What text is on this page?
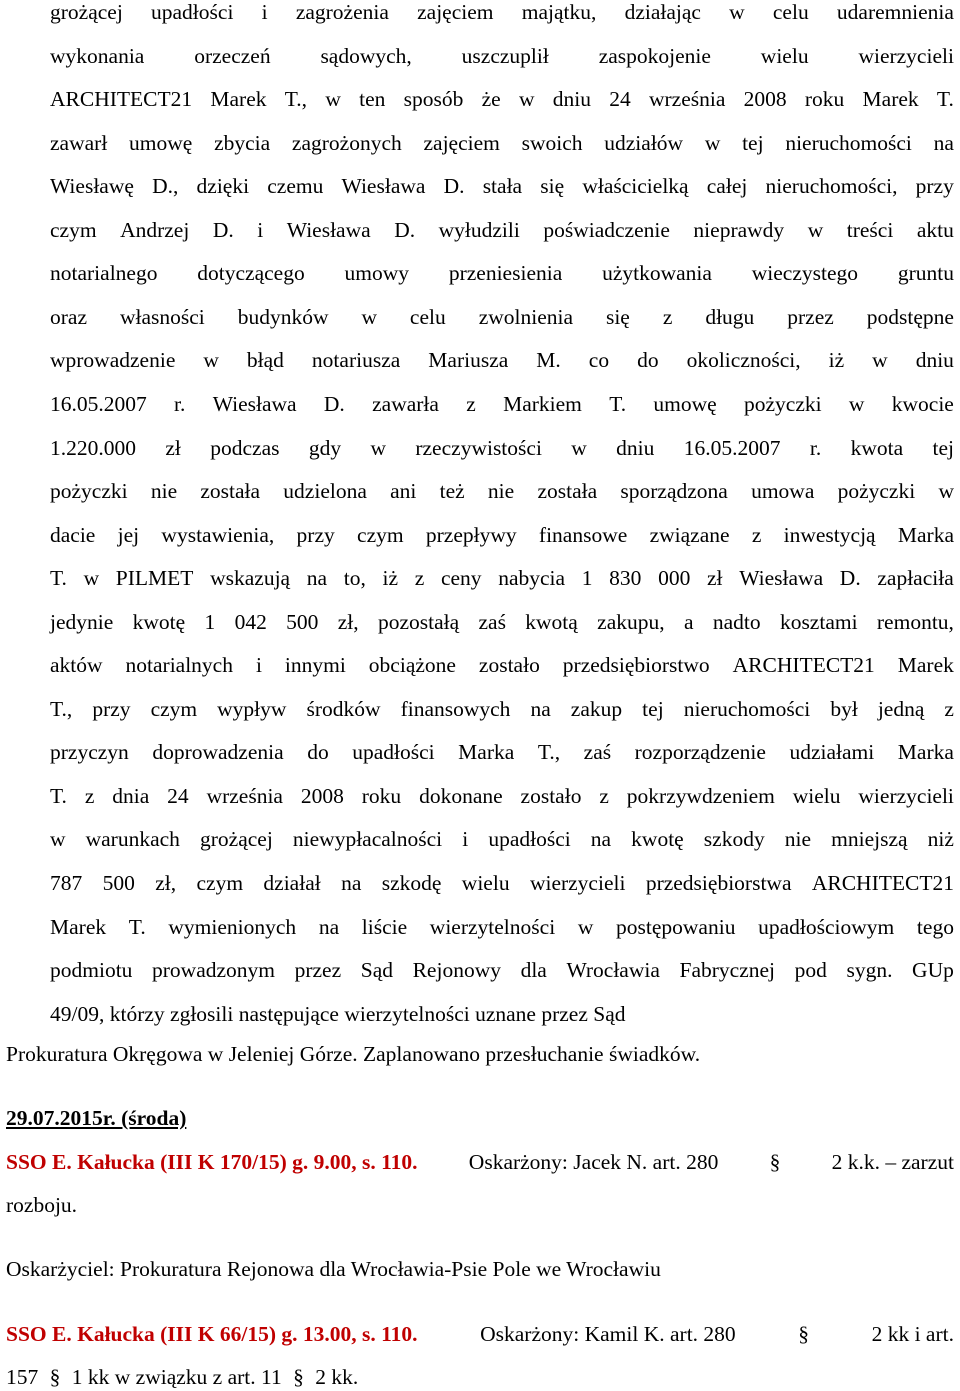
grożącej upadłości i zagrożenia zajęciem majątku, działając w celu udaremnienia
wykonania orzeczeń sądowych, uszczuplił zaspokojenie wielu wierzycieli
ARCHITECT21 Marek T., w ten sposób że w dniu 24 września 2008 roku Marek T.
zawarł umowę zbycia zagrożonych zajęciem swoich udziałów w tej nieruchomości na
Wiesławę D., dzięki czemu Wiesława D. stała się właścicielką całej nieruchomości, przy
czym Andrzej D. i Wiesława D. wyłudzili poświadczenie nieprawdy w treści aktu
notarialnego dotyczącego umowy przeniesienia użytkowania wieczystego gruntu
oraz własności budynków w celu zwolnienia się z długu przez podstępne
wprowadzenie w błąd notariusza Mariusza M. co do okoliczności, iż w dniu
16.05.2007 r. Wiesława D. zawarła z Markiem T. umowę pożyczki w kwocie
1.220.000 zł podczas gdy w rzeczywistości w dniu 16.05.2007 r. kwota tej
pożyczki nie została udzielona ani też nie została sporządzona umowa pożyczki w
dacie jej wystawienia, przy czym przepływy finansowe związane z inwestycją Marka
T. w PILMET wskazują na to, iż z ceny nabycia 1 830 000 zł Wiesława D. zapłaciła
jedynie kwotę 1 042 500 zł, pozostałą zaś kwotą zakupu, a nadto kosztami remontu,
aktów notarialnych i innymi obciążone zostało przedsiębiorstwo ARCHITECT21 Marek
T., przy czym wypływ środków finansowych na zakup tej nieruchomości był jedną z
przyczyn doprowadzenia do upadłości Marka T., zaś rozporządzenie udziałami Marka
T. z dnia 24 września 2008 roku dokonane zostało z pokrzywdzeniem wielu wierzycieli
w warunkach grożącej niewypłacalności i upadłości na kwotę szkody nie mniejszą niż
787 500 zł, czym działał na szkodę wielu wierzycieli przedsiębiorstwa ARCHITECT21
Marek T. wymienionych na liście wierzytelności w postępowaniu upadłościowym tego
podmiotu prowadzonym przez Sąd Rejonowy dla Wrocławia Fabrycznej pod sygn. GUp
49/09, którzy zgłosili następujące wierzytelności uznane przez Sąd
Prokuratura Okręgowa w Jeleniej Górze. Zaplanowano przesłuchanie świadków.
29.07.2015r. (środa)
SSO E. Kałucka (III K 170/15) g. 9.00, s. 110. Oskarżony: Jacek N. art. 280 § 2 k.k. – zarzut
rozboju.
Oskarżyciel: Prokuratura Rejonowa dla Wrocławia-Psie Pole we Wrocławiu
SSO E. Kałucka (III K 66/15) g. 13.00, s. 110.	Oskarżony: Kamil K. art. 280	§	2 kk i art.
157 § 1 kk w związku z art. 11 § 2 kk.
